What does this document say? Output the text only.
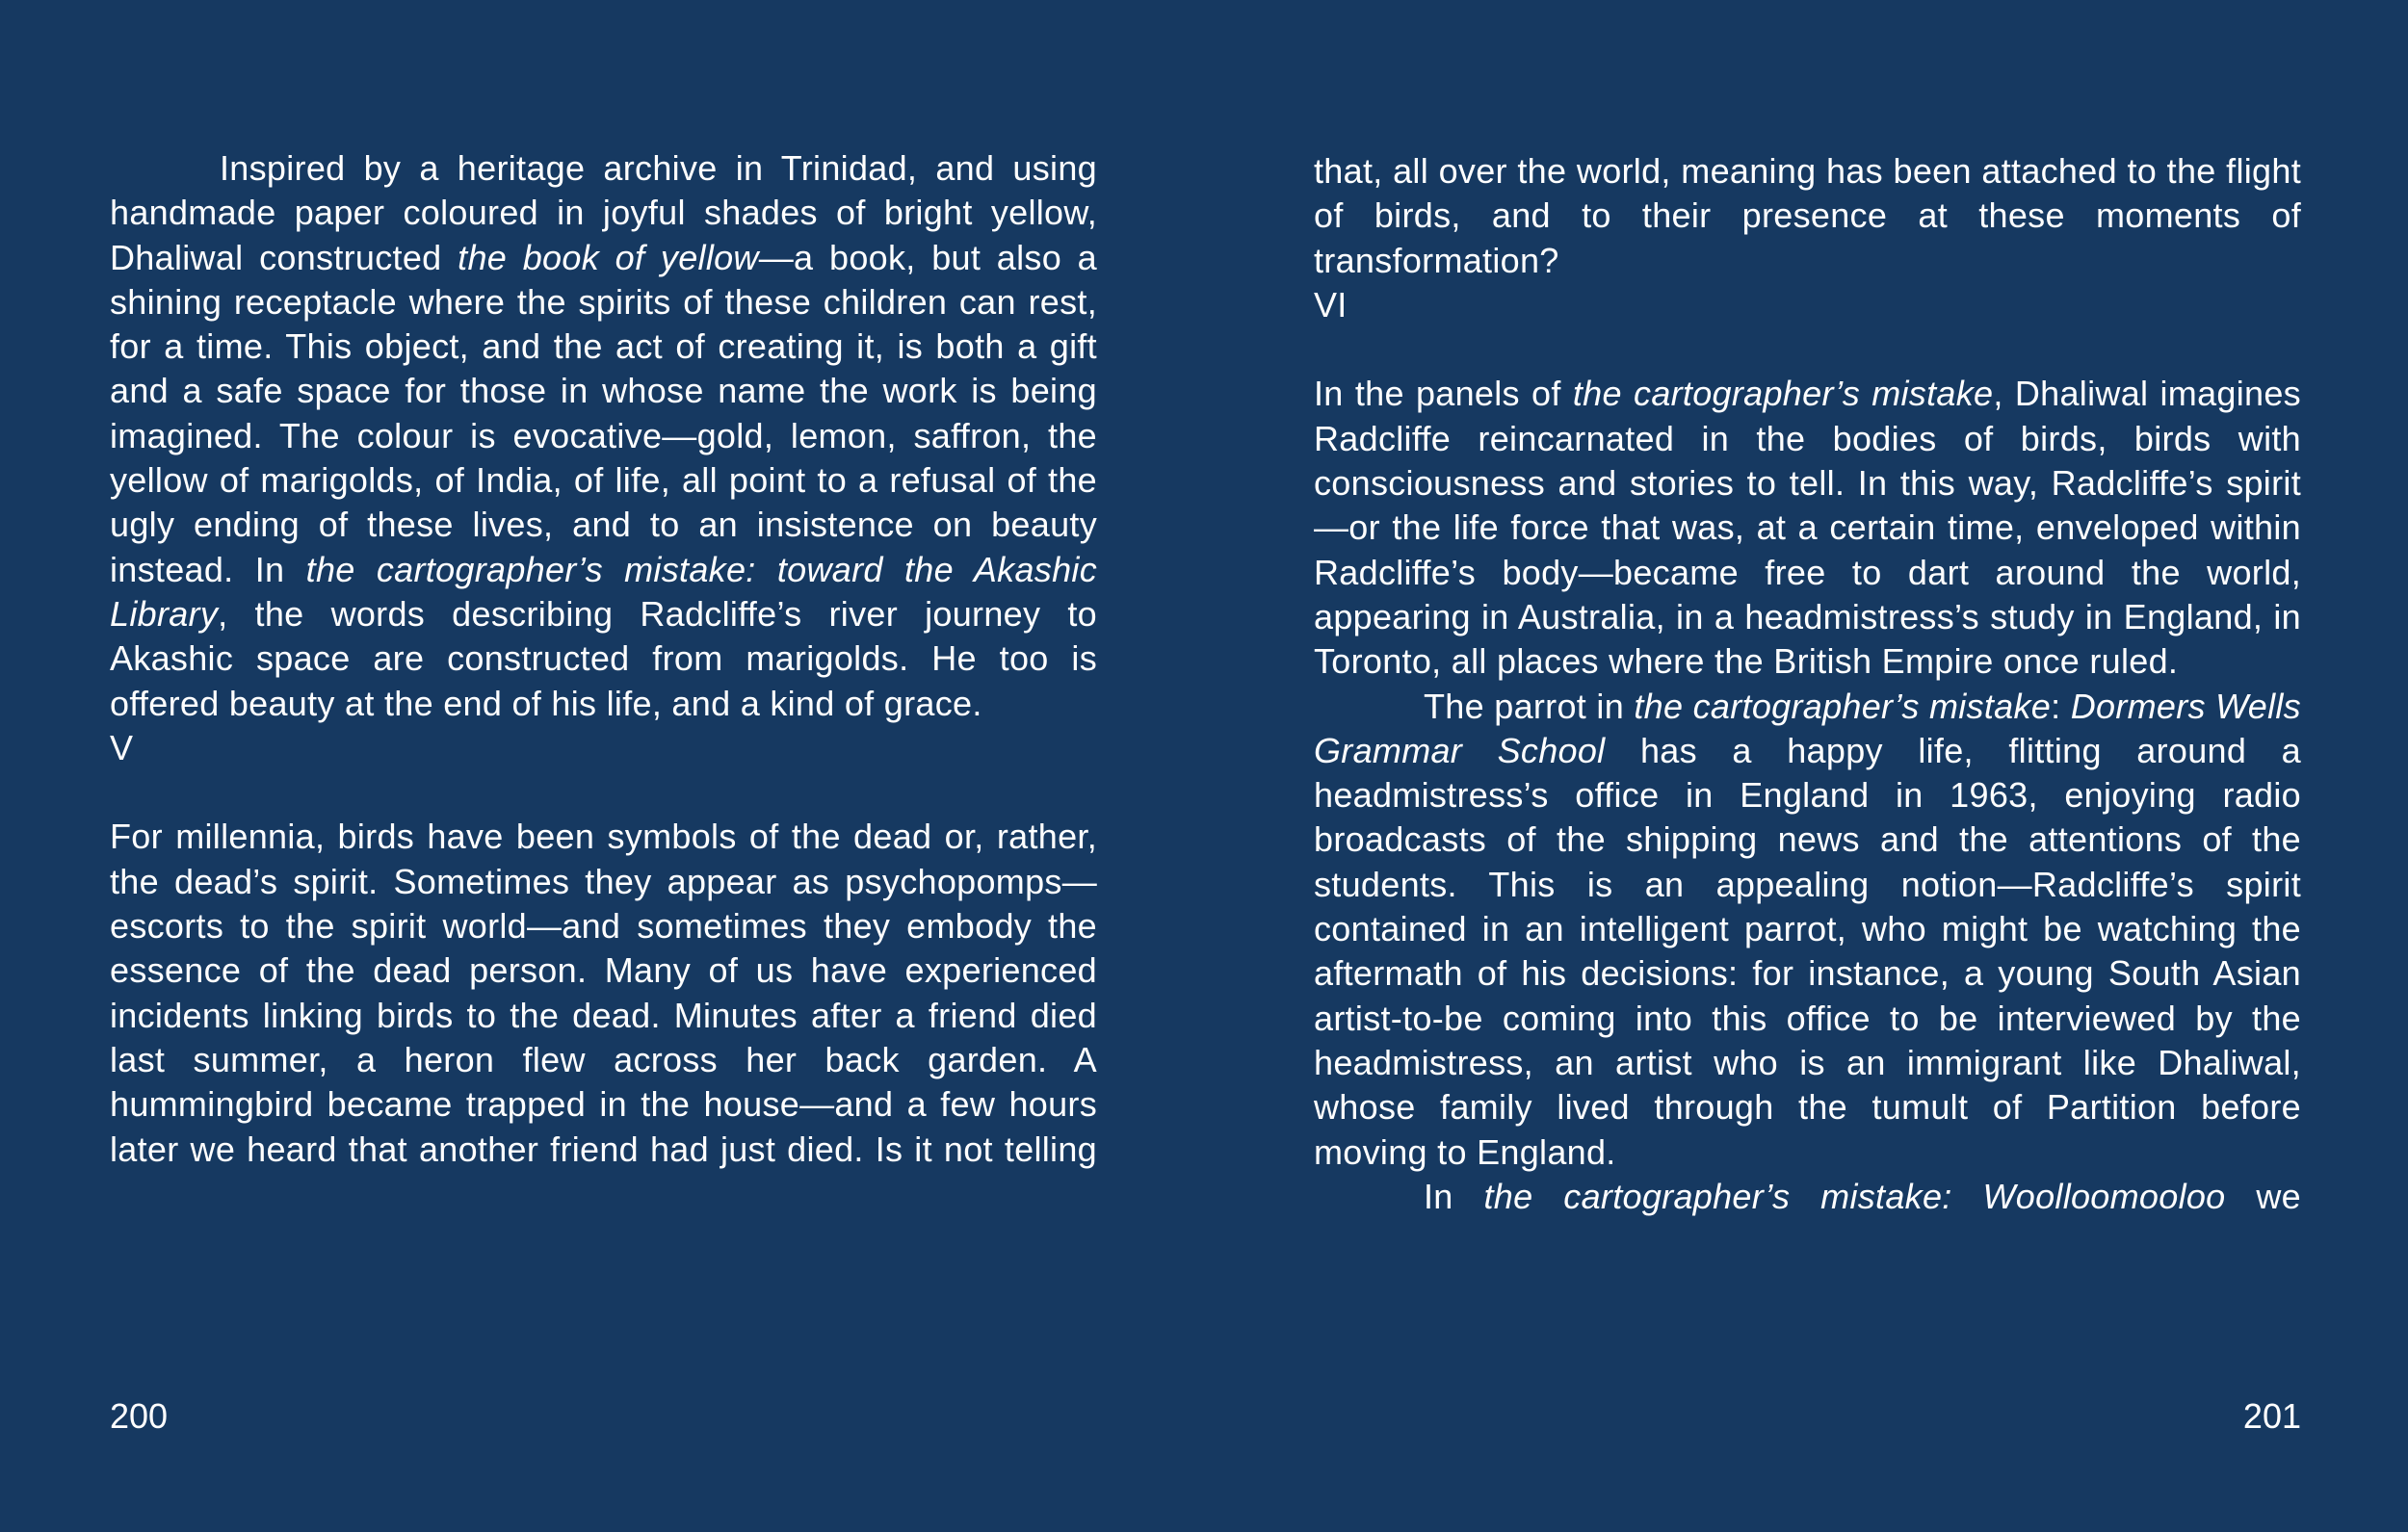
Inspired by a heritage archive in Trinidad, and using handmade paper coloured in joyful shades of bright yellow, Dhaliwal constructed the book of yellow—a book, but also a shining receptacle where the spirits of these children can rest, for a time. This object, and the act of creating it, is both a gift and a safe space for those in whose name the work is being imagined. The colour is evocative—gold, lemon, saffron, the yellow of marigolds, of India, of life, all point to a refusal of the ugly ending of these lives, and to an insistence on beauty instead. In the cartographer’s mistake: toward the Akashic Library, the words describing Radcliffe’s river journey to Akashic space are constructed from marigolds. He too is offered beauty at the end of his life, and a kind of grace.

V

For millennia, birds have been symbols of the dead or, rather, the dead’s spirit. Sometimes they appear as psychopomps—escorts to the spirit world—and sometimes they embody the essence of the dead person. Many of us have experienced incidents linking birds to the dead. Minutes after a friend died last summer, a heron flew across her back garden. A hummingbird became trapped in the house—and a few hours later we heard that another friend had just died. Is it not telling

200

that, all over the world, meaning has been attached to the flight of birds, and to their presence at these moments of transformation?

VI

In the panels of the cartographer’s mistake, Dhaliwal imagines Radcliffe reincarnated in the bodies of birds, birds with consciousness and stories to tell. In this way, Radcliffe’s spirit—or the life force that was, at a certain time, enveloped within Radcliffe’s body—became free to dart around the world, appearing in Australia, in a headmistress’s study in England, in Toronto, all places where the British Empire once ruled.

The parrot in the cartographer’s mistake: Dormers Wells Grammar School has a happy life, flitting around a headmistress’s office in England in 1963, enjoying radio broadcasts of the shipping news and the attentions of the students. This is an appealing notion—Radcliffe’s spirit contained in an intelligent parrot, who might be watching the aftermath of his decisions: for instance, a young South Asian artist-to-be coming into this office to be interviewed by the headmistress, an artist who is an immigrant like Dhaliwal, whose family lived through the tumult of Partition before moving to England.

In the cartographer’s mistake: Woolloomooloo we

201
